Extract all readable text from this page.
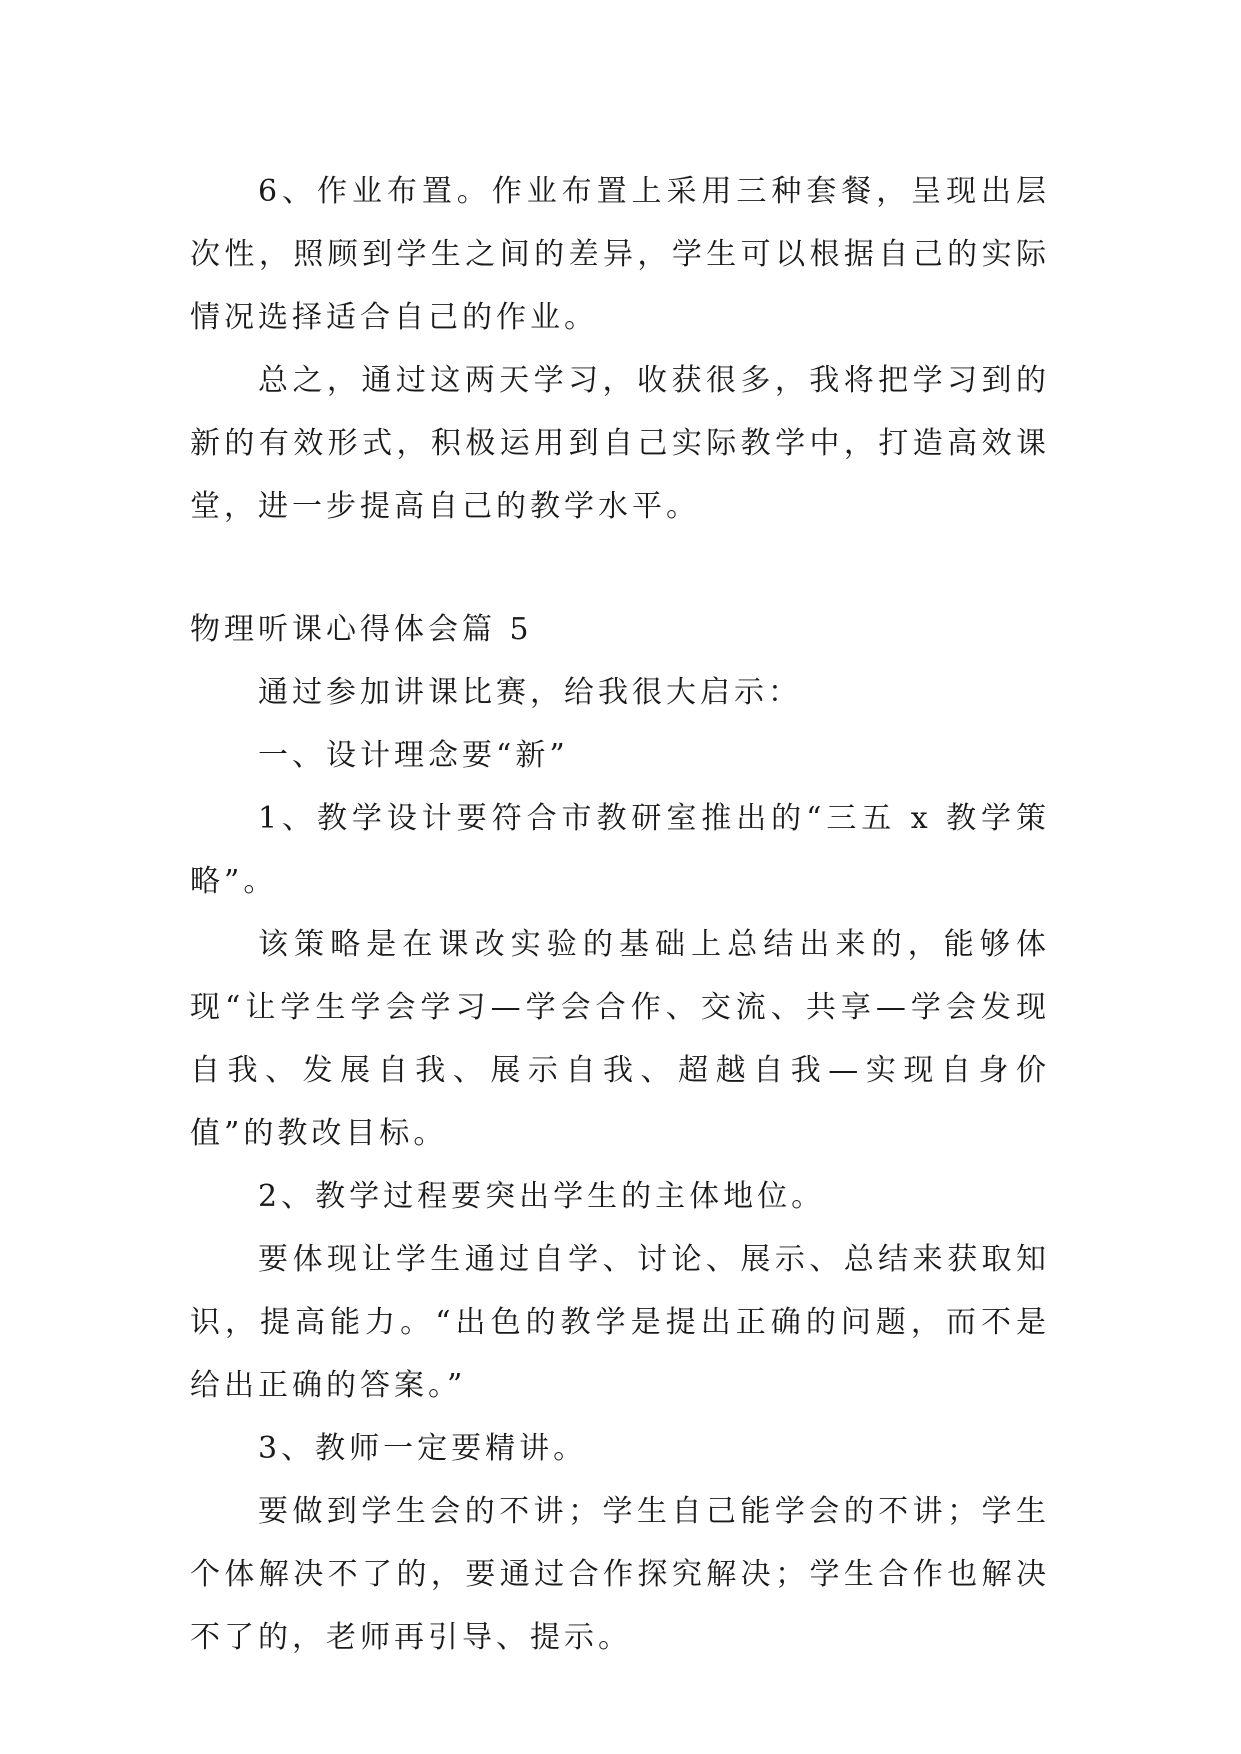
6、作业布置。作业布置上采用三种套餐，呈现出层次性，照顾到学生之间的差异，学生可以根据自己的实际情况选择适合自己的作业。

总之，通过这两天学习，收获很多，我将把学习到的新的有效形式，积极运用到自己实际教学中，打造高效课堂，进一步提高自己的教学水平。

物理听课心得体会篇 5

通过参加讲课比赛，给我很大启示：

一、设计理念要“新”

1、教学设计要符合市教研室推出的“三五 x 教学策略”。

该策略是在课改实验的基础上总结出来的，能够体现“让学生学会学习—学会合作、交流、共享—学会发现自我、发展自我、展示自我、超越自我—实现自身价值”的教改目标。

2、教学过程要突出学生的主体地位。

要体现让学生通过自学、讨论、展示、总结来获取知识，提高能力。“出色的教学是提出正确的问题，而不是给出正确的答案。”

3、教师一定要精讲。

要做到学生会的不讲；学生自己能学会的不讲；学生个体解决不了的，要通过合作探究解决；学生合作也解决不了的，老师再引导、提示。
